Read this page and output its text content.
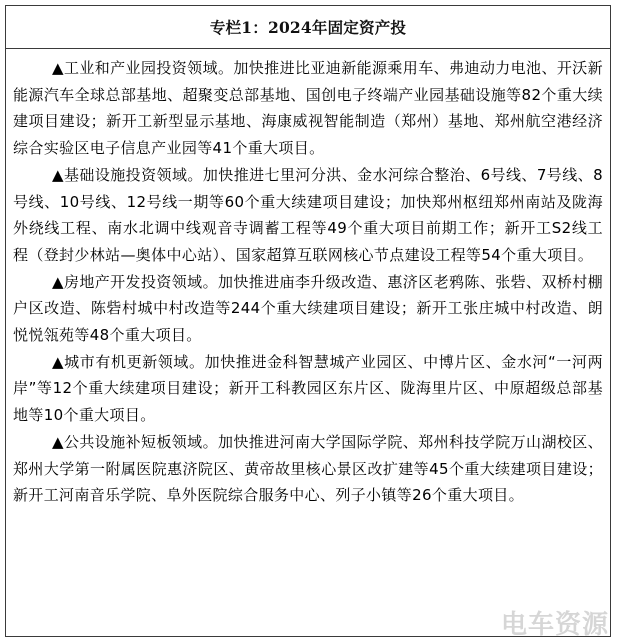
专栏1：2024年固定资产投

▲工业和产业园投资领域。加快推进比亚迪新能源乘用车、弗迪动力电池、开沃新能源汽车全球总部基地、超聚变总部基地、国创电子终端产业园基础设施等82个重大续建项目建设；新开工新型显示基地、海康威视智能制造（郑州）基地、郑州航空港经济综合实验区电子信息产业园等41个重大项目。

▲基础设施投资领域。加快推进七里河分洪、金水河综合整治、6号线、7号线、8号线、10号线、12号线一期等60个重大续建项目建设；加快郑州枢纽郑州南站及陇海外绕线工程、南水北调中线观音寺调蓄工程等49个重大项目前期工作；新开工S2线工程（登封少林站—奥体中心站）、国家超算互联网核心节点建设工程等54个重大项目。

▲房地产开发投资领域。加快推进庙李升级改造、惠济区老鸦陈、张砦、双桥村棚户区改造、陈砦村城中村改造等244个重大续建项目建设；新开工张庄城中村改造、朗悦悦瓴苑等48个重大项目。

▲城市有机更新领域。加快推进金科智慧城产业园区、中博片区、金水河“一河两岸”等12个重大续建项目建设；新开工科教园区东片区、陇海里片区、中原超级总部基地等10个重大项目。

▲公共设施补短板领域。加快推进河南大学国际学院、郑州科技学院万山湖校区、郑州大学第一附属医院惠济院区、黄帝故里核心景区改扩建等45个重大续建项目建设；新开工河南音乐学院、阜外医院综合服务中心、列子小镇等26个重大项目。

电车资源
